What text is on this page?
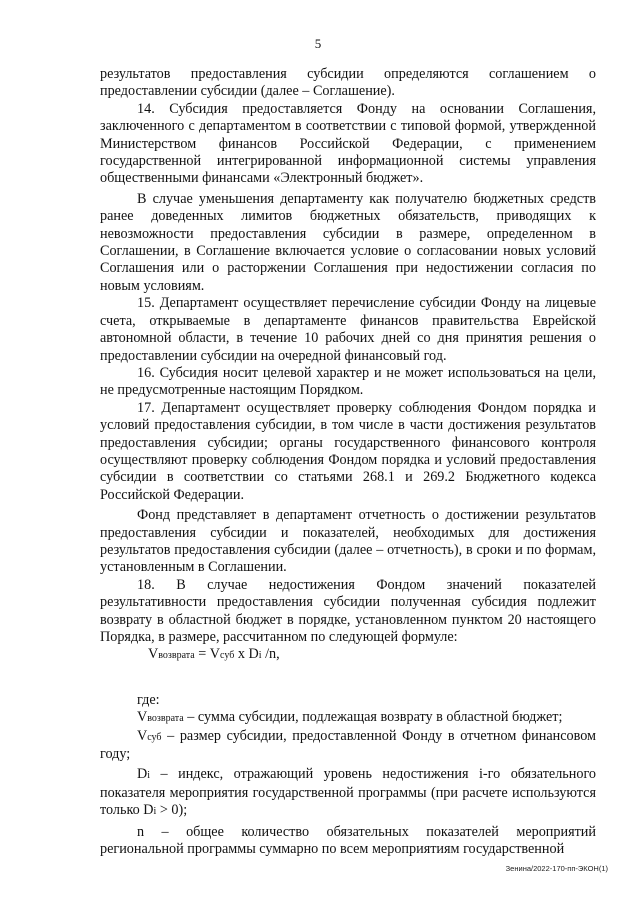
5

результатов предоставления субсидии определяются соглашением о предоставлении субсидии (далее – Соглашение).

14. Субсидия предоставляется Фонду на основании Соглашения, заключенного с департаментом в соответствии с типовой формой, утвержденной Министерством финансов Российской Федерации, с применением государственной интегрированной информационной системы управления общественными финансами «Электронный бюджет».

В случае уменьшения департаменту как получателю бюджетных средств ранее доведенных лимитов бюджетных обязательств, приводящих к невозможности предоставления субсидии в размере, определенном в Соглашении, в Соглашение включается условие о согласовании новых условий Соглашения или о расторжении Соглашения при недостижении согласия по новым условиям.

15. Департамент осуществляет перечисление субсидии Фонду на лицевые счета, открываемые в департаменте финансов правительства Еврейской автономной области, в течение 10 рабочих дней со дня принятия решения о предоставлении субсидии на очередной финансовый год.

16. Субсидия носит целевой характер и не может использоваться на цели, не предусмотренные настоящим Порядком.

17. Департамент осуществляет проверку соблюдения Фондом порядка и условий предоставления субсидии, в том числе в части достижения результатов предоставления субсидии; органы государственного финансового контроля осуществляют проверку соблюдения Фондом порядка и условий предоставления субсидии в соответствии со статьями 268.1 и 269.2 Бюджетного кодекса Российской Федерации.

Фонд представляет в департамент отчетность о достижении результатов предоставления субсидии и показателей, необходимых для достижения результатов предоставления субсидии (далее – отчетность), в сроки и по формам, установленным в Соглашении.

18. В случае недостижения Фондом значений показателей результативности предоставления субсидии полученная субсидия подлежит возврату в областной бюджет в порядке, установленном пунктом 20 настоящего Порядка, в размере, рассчитанном по следующей формуле:

Vвозврата = Vсуб x Di /n,

где:

Vвозврата – сумма субсидии, подлежащая возврату в областной бюджет;

Vсуб – размер субсидии, предоставленной Фонду в отчетном финансовом году;

Di – индекс, отражающий уровень недостижения i-го обязательного показателя мероприятия государственной программы (при расчете используются только Di > 0);

n – общее количество обязательных показателей мероприятий региональной программы суммарно по всем мероприятиям государственной

Зенина/2022-170-пп-ЭКОН(1)
